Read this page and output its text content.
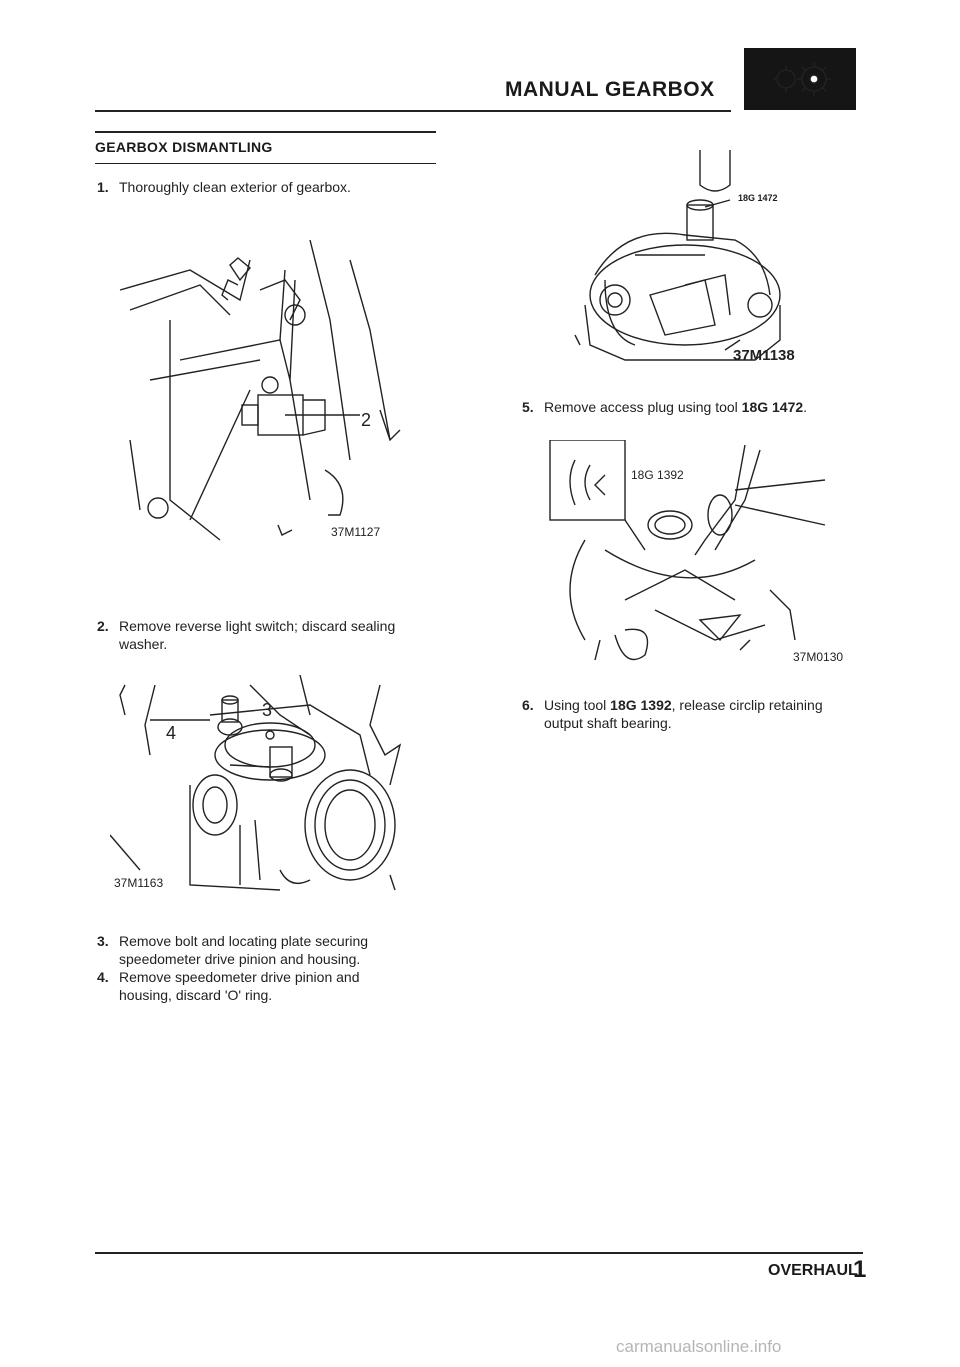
MANUAL GEARBOX
GEARBOX DISMANTLING
1. Thoroughly clean exterior of gearbox.
2
37M1127
2. Remove reverse light switch; discard sealing
washer.
3
4
37M1163
3. Remove bolt and locating plate securing
speedometer drive pinion and housing.
4. Remove speedometer drive pinion and
housing, discard 'O' ring.
18G 1472
37M1138
5. Remove access plug using tool 18G 1472.
18G 1392
37M0130
6. Using tool 18G 1392, release circlip retaining
output shaft bearing.
OVERHAUL
1
carmanualsonline.info
